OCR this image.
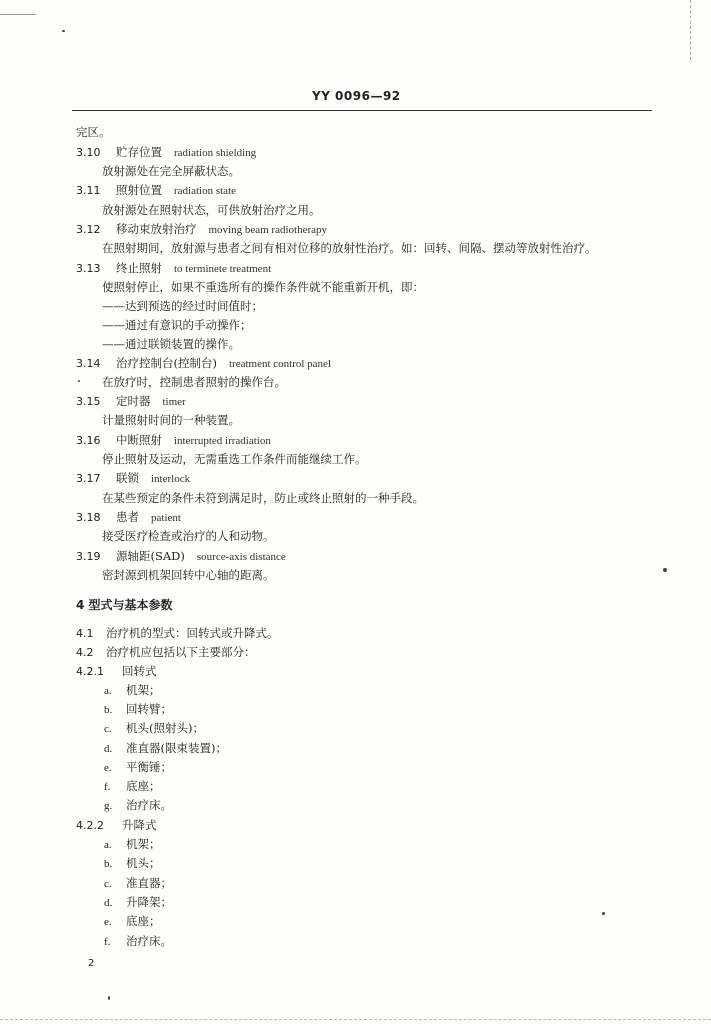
YY 0096—92
完区。
3.10 贮存位置 radiation shielding
放射源处在完全屏蔽状态。
3.11 照射位置 radiation state
放射源处在照射状态，可供放射治疗之用。
3.12 移动束放射治疗 moving beam radiotherapy
在照射期间，放射源与患者之间有相对位移的放射性治疗。如：回转、间隔、摆动等放射性治疗。
3.13 终止照射 to terminete treatment
使照射停止，如果不重选所有的操作条件就不能重新开机，即：
——达到预选的经过时间值时；
——通过有意识的手动操作；
——通过联锁装置的操作。
3.14 治疗控制台(控制台) treatment control panel
在放疗时，控制患者照射的操作台。
3.15 定时器 timer
计量照射时间的一种装置。
3.16 中断照射 interrupted irradiation
停止照射及运动，无需重选工作条件而能继续工作。
3.17 联锁 interlock
在某些预定的条件未符到满足时，防止或终止照射的一种手段。
3.18 患者 patient
接受医疗检查或治疗的人和动物。
3.19 源轴距(SAD) source-axis distance
密封源到机架回转中心轴的距离。
4 型式与基本参数
4.1 治疗机的型式：回转式或升降式。
4.2 治疗机应包括以下主要部分：
4.2.1 回转式
a. 机架；
b. 回转臂；
c. 机头(照射头)；
d. 准直器(限束装置)；
e. 平衡锤；
f. 底座；
g. 治疗床。
4.2.2 升降式
a. 机架；
b. 机头；
c. 准直器；
d. 升降架；
e. 底座；
f. 治疗床。
2
